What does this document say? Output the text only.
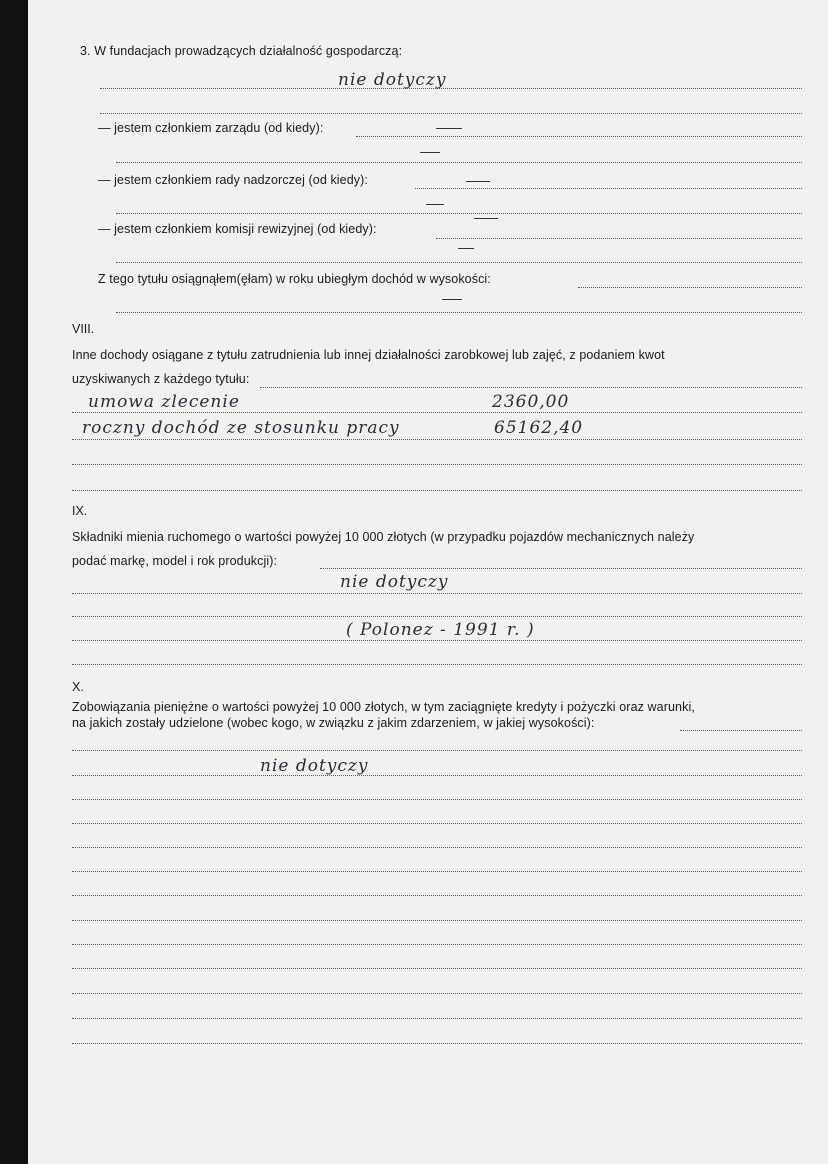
3. W fundacjach prowadzących działalność gospodarczą:
nie dotyczy
— jestem członkiem zarządu (od kiedy):
— jestem członkiem rady nadzorczej (od kiedy):
— jestem członkiem komisji rewizyjnej (od kiedy):
Z tego tytułu osiągnąłem(ęłam) w roku ubiegłym dochód w wysokości:
VIII.
Inne dochody osiągane z tytułu zatrudnienia lub innej działalności zarobkowej lub zajęć, z podaniem kwot
uzyskiwanych z każdego tytułu:
umowa zlecenie	2360,00
roczny dochód ze stosunku pracy	65162,40
IX.
Składniki mienia ruchomego o wartości powyżej 10 000 złotych (w przypadku pojazdów mechanicznych należy
podać markę, model i rok produkcji):
nie dotyczy
( Polonez - 1991 r. )
X.
Zobowiązania pieniężne o wartości powyżej 10 000 złotych, w tym zaciągnięte kredyty i pożyczki oraz warunki,
na jakich zostały udzielone (wobec kogo, w związku z jakim zdarzeniem, w jakiej wysokości):
nie dotyczy
